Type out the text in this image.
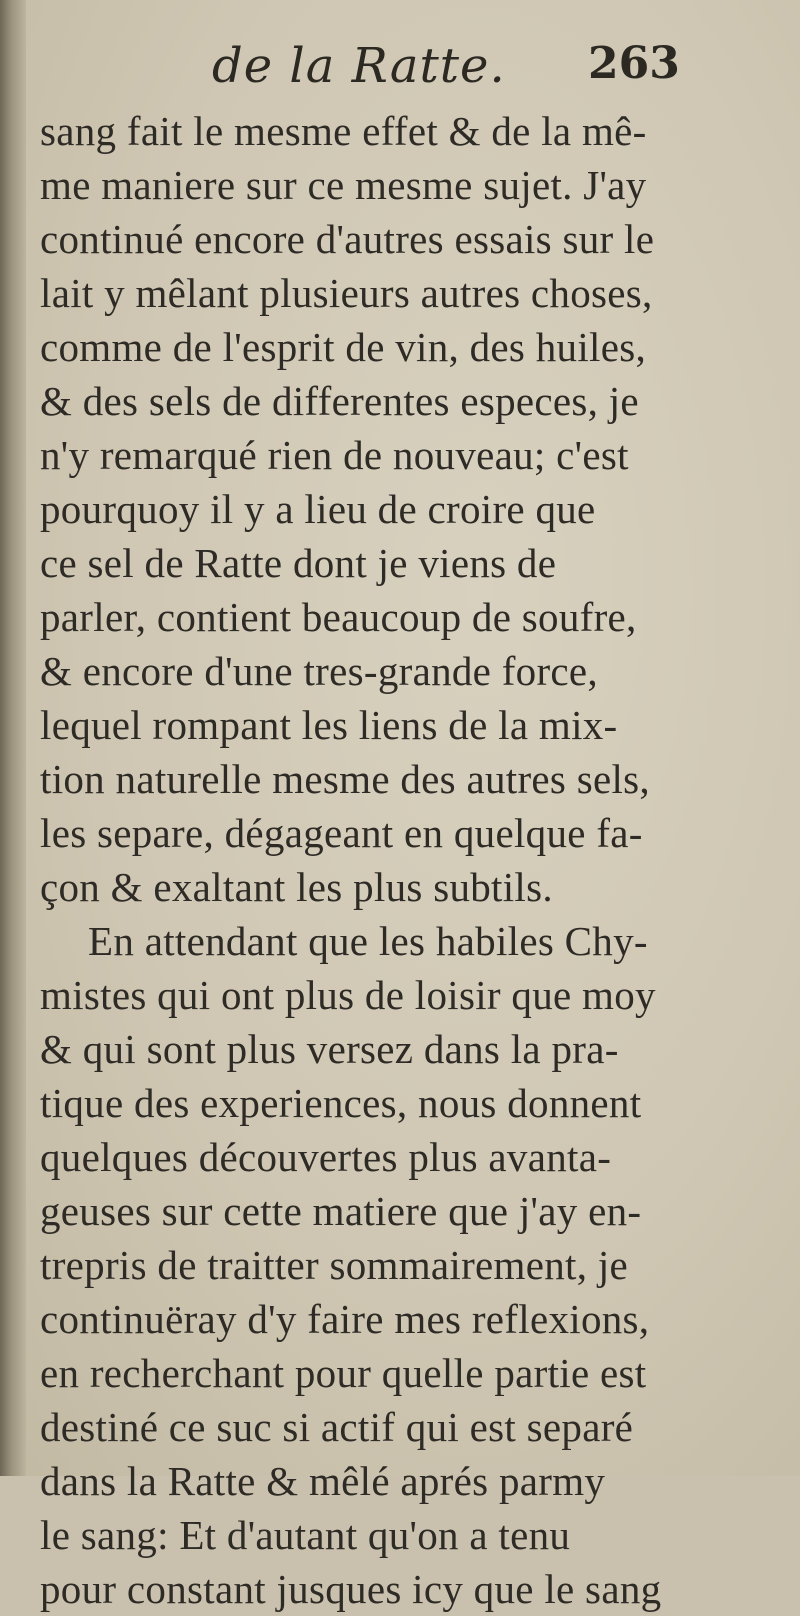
de la Ratte. 263
sang fait le mesme effet & de la mê-
me maniere sur ce mesme sujet. J'ay
continué encore d'autres essais sur le
lait y mêlant plusieurs autres choses,
comme de l'esprit de vin, des huiles,
& des sels de differentes especes, je
n'y remarqué rien de nouveau; c'est
pourquoy il y a lieu de croire que
ce sel de Ratte dont je viens de
parler, contient beaucoup de soufre,
& encore d'une tres-grande force,
lequel rompant les liens de la mix-
tion naturelle mesme des autres sels,
les separe, dégageant en quelque fa-
çon & exaltant les plus subtils.
En attendant que les habiles Chy-
mistes qui ont plus de loisir que moy
& qui sont plus versez dans la pra-
tique des experiences, nous donnent
quelques découvertes plus avanta-
geuses sur cette matiere que j'ay en-
trepris de traitter sommairement, je
continuëray d'y faire mes reflexions,
en recherchant pour quelle partie est
destiné ce suc si actif qui est separé
dans la Ratte & mêlé aprés parmy
le sang: Et d'autant qu'on a tenu
pour constant jusques icy que le sang
